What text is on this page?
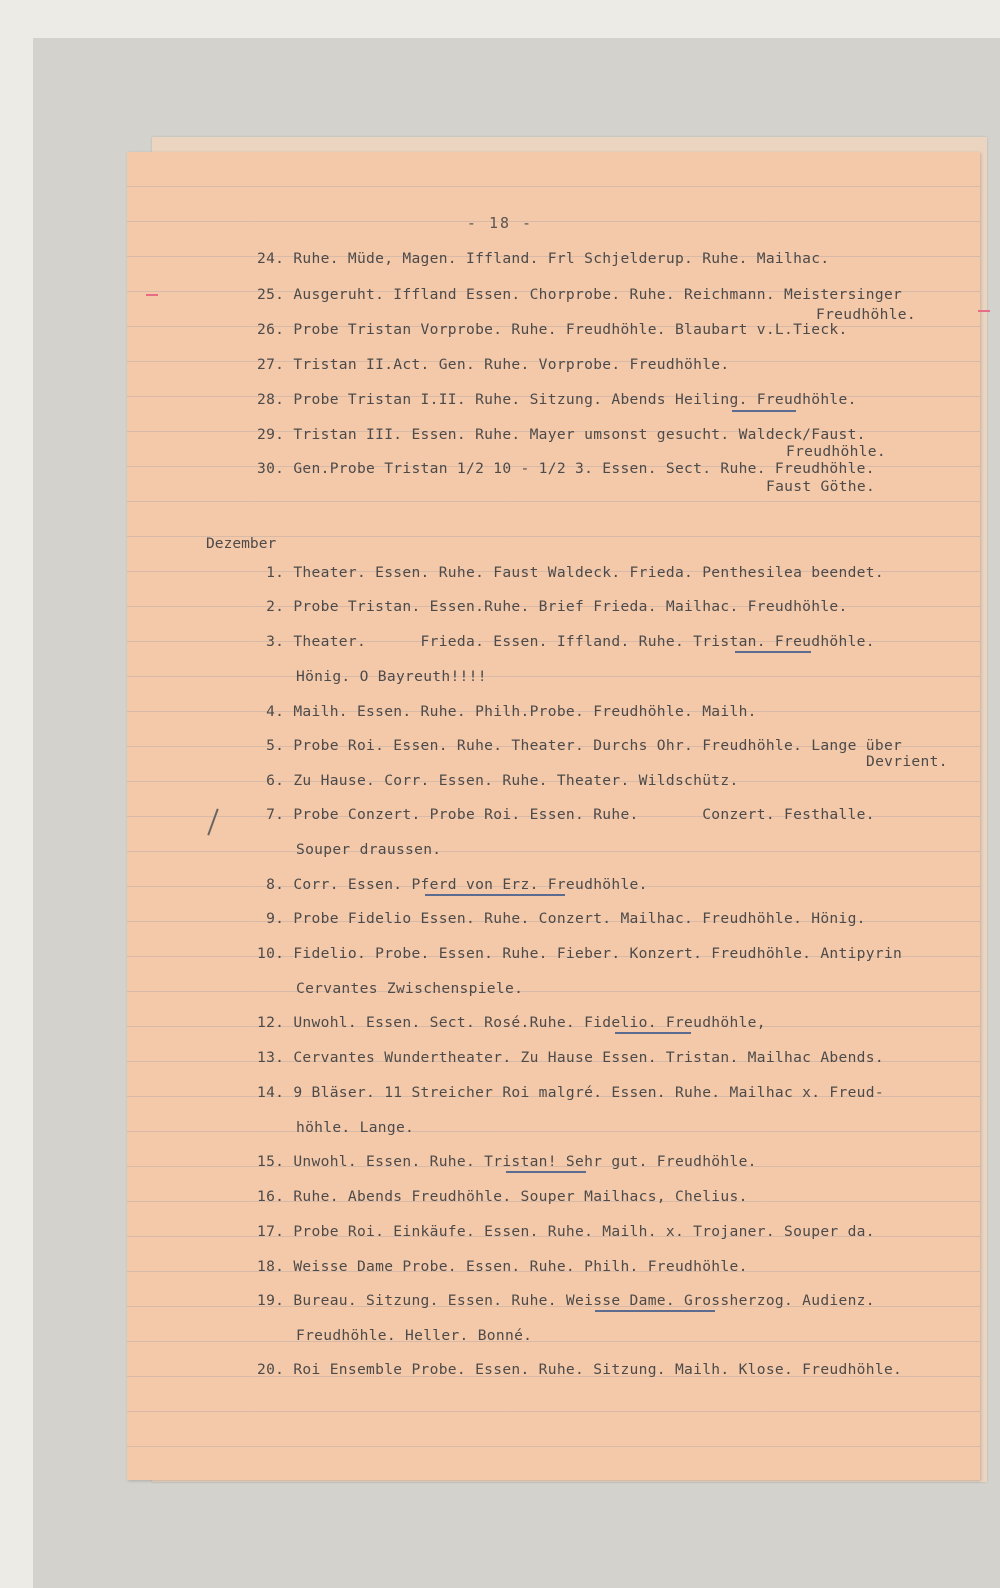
- 18 -
Dezember
24. Ruhe. Müde, Magen. Iffland. Frl Schjelderup. Ruhe. Mailhac.
25. Ausgeruht. Iffland Essen. Chorprobe. Ruhe. Reichmann. Meistersinger
Freudhöhle.
26. Probe Tristan Vorprobe. Ruhe. Freudhöhle. Blaubart v.L.Tieck.
27. Tristan II.Act. Gen. Ruhe. Vorprobe. Freudhöhle.
28. Probe Tristan I.II. Ruhe. Sitzung. Abends Heiling. Freudhöhle.
29. Tristan III. Essen. Ruhe. Mayer umsonst gesucht. Waldeck/Faust.
Freudhöhle.
30. Gen.Probe Tristan 1/2 10 - 1/2 3. Essen. Sect. Ruhe. Freudhöhle.
Faust Göthe.
1. Theater. Essen. Ruhe. Faust Waldeck. Frieda. Penthesilea beendet.
2. Probe Tristan. Essen.Ruhe. Brief Frieda. Mailhac. Freudhöhle.
3. Theater.      Frieda. Essen. Iffland. Ruhe. Tristan. Freudhöhle.
Hönig. O Bayreuth!!!!
4. Mailh. Essen. Ruhe. Philh.Probe. Freudhöhle. Mailh.
5. Probe Roi. Essen. Ruhe. Theater. Durchs Ohr. Freudhöhle. Lange über
Devrient.
6. Zu Hause. Corr. Essen. Ruhe. Theater. Wildschütz.
7. Probe Conzert. Probe Roi. Essen. Ruhe.       Conzert. Festhalle.
Souper draussen.
8. Corr. Essen. Pferd von Erz. Freudhöhle.
9. Probe Fidelio Essen. Ruhe. Conzert. Mailhac. Freudhöhle. Hönig.
10. Fidelio. Probe. Essen. Ruhe. Fieber. Konzert. Freudhöhle. Antipyrin
Cervantes Zwischenspiele.
12. Unwohl. Essen. Sect. Rosé.Ruhe. Fidelio. Freudhöhle,
13. Cervantes Wundertheater. Zu Hause Essen. Tristan. Mailhac Abends.
14. 9 Bläser. 11 Streicher Roi malgré. Essen. Ruhe. Mailhac x. Freud-
höhle. Lange.
15. Unwohl. Essen. Ruhe. Tristan! Sehr gut. Freudhöhle.
16. Ruhe. Abends Freudhöhle. Souper Mailhacs, Chelius.
17. Probe Roi. Einkäufe. Essen. Ruhe. Mailh. x. Trojaner. Souper da.
18. Weisse Dame Probe. Essen. Ruhe. Philh. Freudhöhle.
19. Bureau. Sitzung. Essen. Ruhe. Weisse Dame. Grossherzog. Audienz.
Freudhöhle. Heller. Bonné.
20. Roi Ensemble Probe. Essen. Ruhe. Sitzung. Mailh. Klose. Freudhöhle.
